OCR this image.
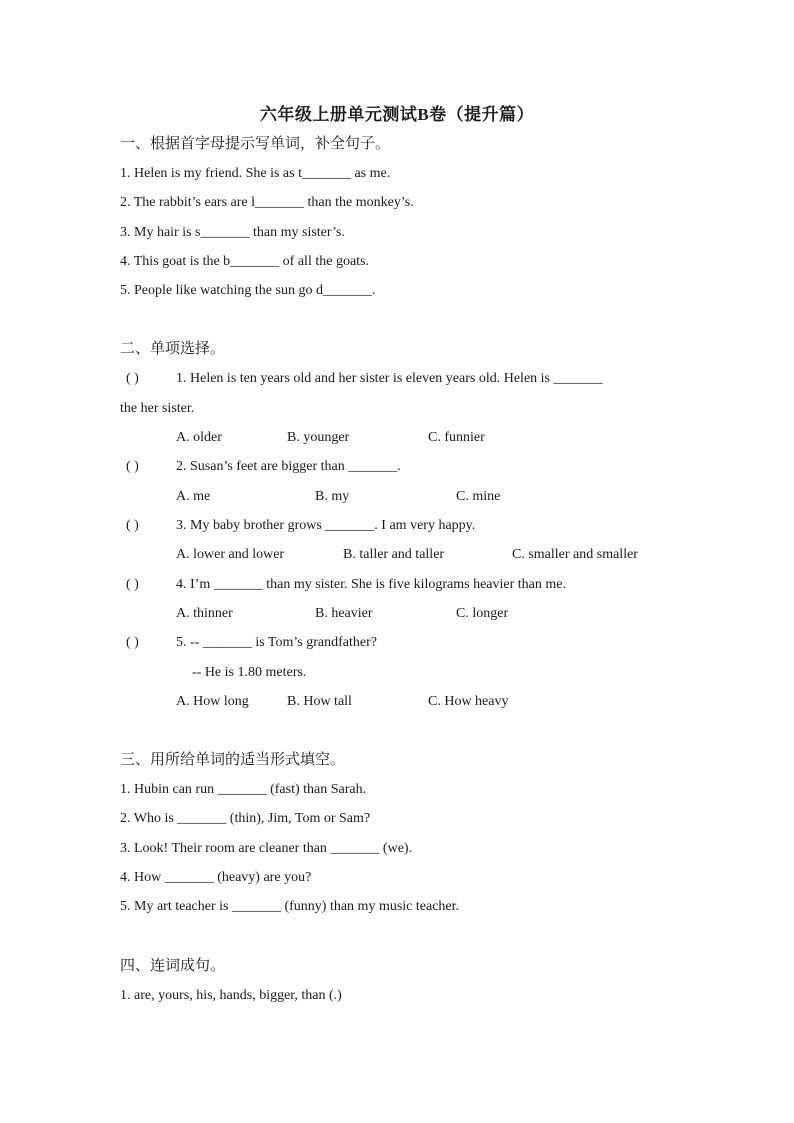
六年级上册单元测试B卷（提升篇）
一、根据首字母提示写单词，补全句子。
1. Helen is my friend. She is as t_______ as me.
2. The rabbit’s ears are l_______ than the monkey’s.
3. My hair is s_______ than my sister’s.
4. This goat is the b_______ of all the goats.
5. People like watching the sun go d_______.
二、单项选择。
( )	1. Helen is ten years old and her sister is eleven years old. Helen is _______
the her sister.
A. older	B. younger	C. funnier
( )	2. Susan’s feet are bigger than _______.
A. me	B. my	C. mine
( )	3. My baby brother grows _______. I am very happy.
A. lower and lower	B. taller and taller	C. smaller and smaller
( )	4. I’m _______ than my sister. She is five kilograms heavier than me.
A. thinner	B. heavier	C. longer
( )	5. -- _______ is Tom’s grandfather?
-- He is 1.80 meters.
A. How long	B. How tall	C. How heavy
三、用所给单词的适当形式填空。
1. Hubin can run _______ (fast) than Sarah.
2. Who is _______ (thin), Jim, Tom or Sam?
3. Look! Their room are cleaner than _______ (we).
4. How _______ (heavy) are you?
5. My art teacher is _______ (funny) than my music teacher.
四、连词成句。
1. are, yours, his, hands, bigger, than (.)
